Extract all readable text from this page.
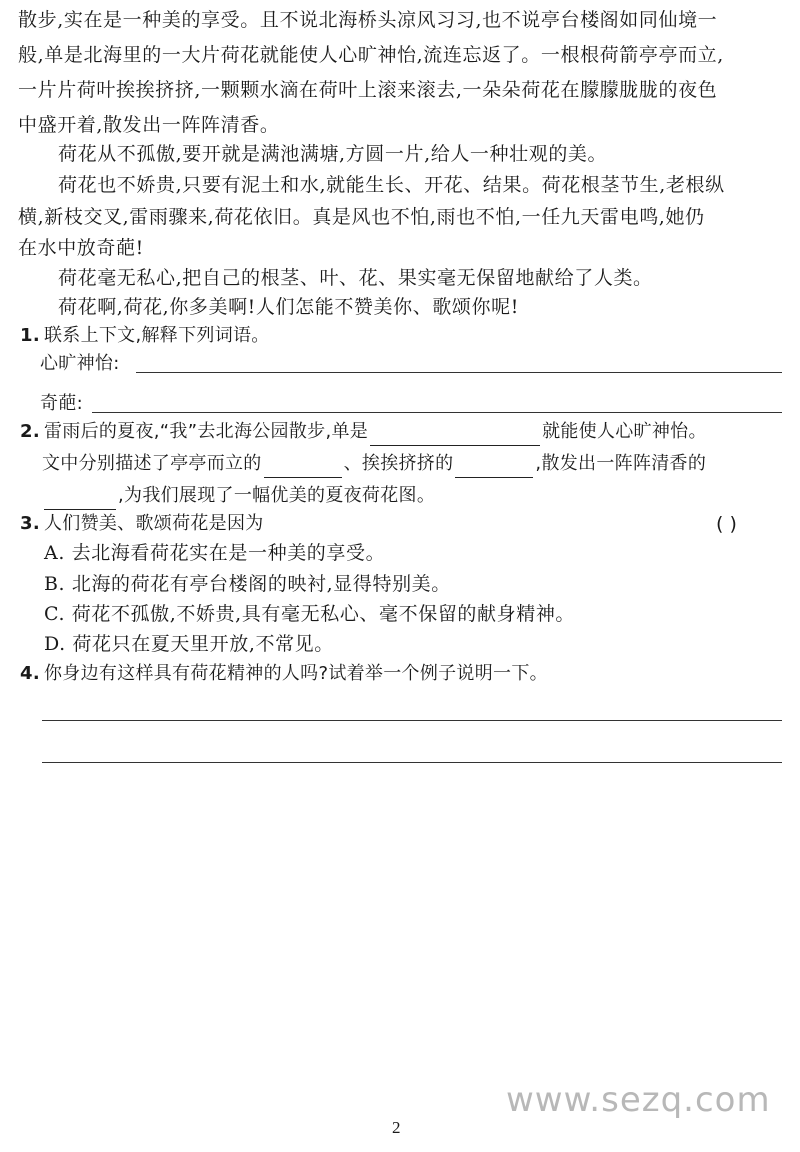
散步,实在是一种美的享受。且不说北海桥头凉风习习,也不说亭台楼阁如同仙境一
般,单是北海里的一大片荷花就能使人心旷神怡,流连忘返了。一根根荷箭亭亭而立,
一片片荷叶挨挨挤挤,一颗颗水滴在荷叶上滚来滚去,一朵朵荷花在朦朦胧胧的夜色
中盛开着,散发出一阵阵清香。
荷花从不孤傲,要开就是满池满塘,方圆一片,给人一种壮观的美。
荷花也不娇贵,只要有泥土和水,就能生长、开花、结果。荷花根茎节生,老根纵
横,新枝交叉,雷雨骤来,荷花依旧。真是风也不怕,雨也不怕,一任九天雷电鸣,她仍
在水中放奇葩!
荷花毫无私心,把自己的根茎、叶、花、果实毫无保留地献给了人类。
荷花啊,荷花,你多美啊!人们怎能不赞美你、歌颂你呢!
1. 联系上下文,解释下列词语。
心旷神怡:
奇葩:
2. 雷雨后的夏夜,“我”去北海公园散步,单是	就能使人心旷神怡。
文中分别描述了亭亭而立的	、挨挨挤挤的	,散发出一阵阵清香的
,为我们展现了一幅优美的夏夜荷花图。
3. 人们赞美、歌颂荷花是因为	( )
A. 去北海看荷花实在是一种美的享受。
B. 北海的荷花有亭台楼阁的映衬,显得特别美。
C. 荷花不孤傲,不娇贵,具有毫无私心、毫不保留的献身精神。
D. 荷花只在夏天里开放,不常见。
4. 你身边有这样具有荷花精神的人吗?试着举一个例子说明一下。
www.sezq.com
2
